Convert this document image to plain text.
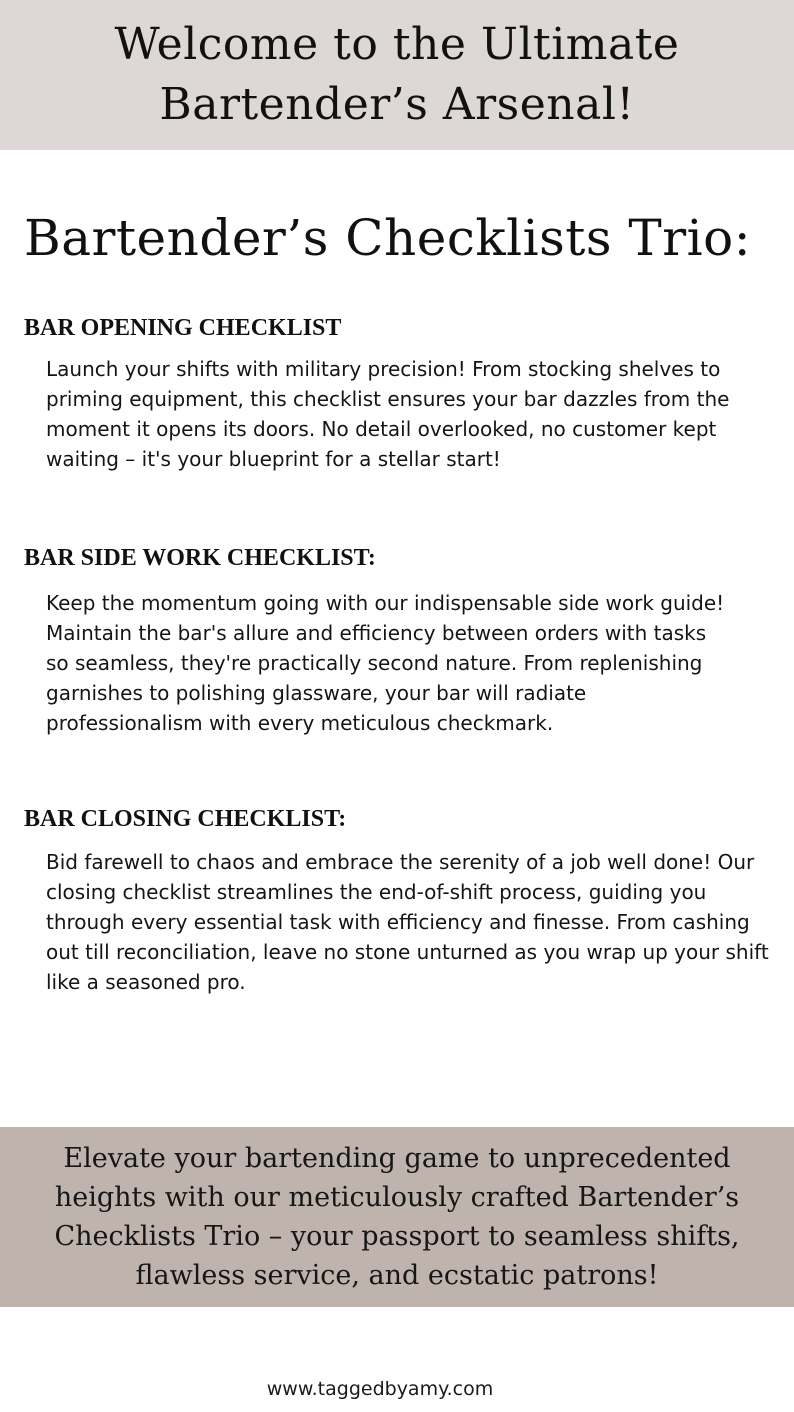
Welcome to the Ultimate
Bartender’s Arsenal!
Bartender’s Checklists Trio:
BAR OPENING CHECKLIST

Launch your shifts with military precision! From stocking shelves to
priming equipment, this checklist ensures your bar dazzles from the
moment it opens its doors. No detail overlooked, no customer kept
waiting – it's your blueprint for a stellar start!

BAR SIDE WORK CHECKLIST:

Keep the momentum going with our indispensable side work guide!
Maintain the bar's allure and efficiency between orders with tasks
so seamless, they're practically second nature. From replenishing
garnishes to polishing glassware, your bar will radiate
professionalism with every meticulous checkmark.

BAR CLOSING CHECKLIST:

Bid farewell to chaos and embrace the serenity of a job well done! Our
closing checklist streamlines the end-of-shift process, guiding you
through every essential task with efficiency and finesse. From cashing
out till reconciliation, leave no stone unturned as you wrap up your shift
like a seasoned pro.

Elevate your bartending game to unprecedented
heights with our meticulously crafted Bartender’s
Checklists Trio – your passport to seamless shifts,
flawless service, and ecstatic patrons!

www.taggedbyamy.com
